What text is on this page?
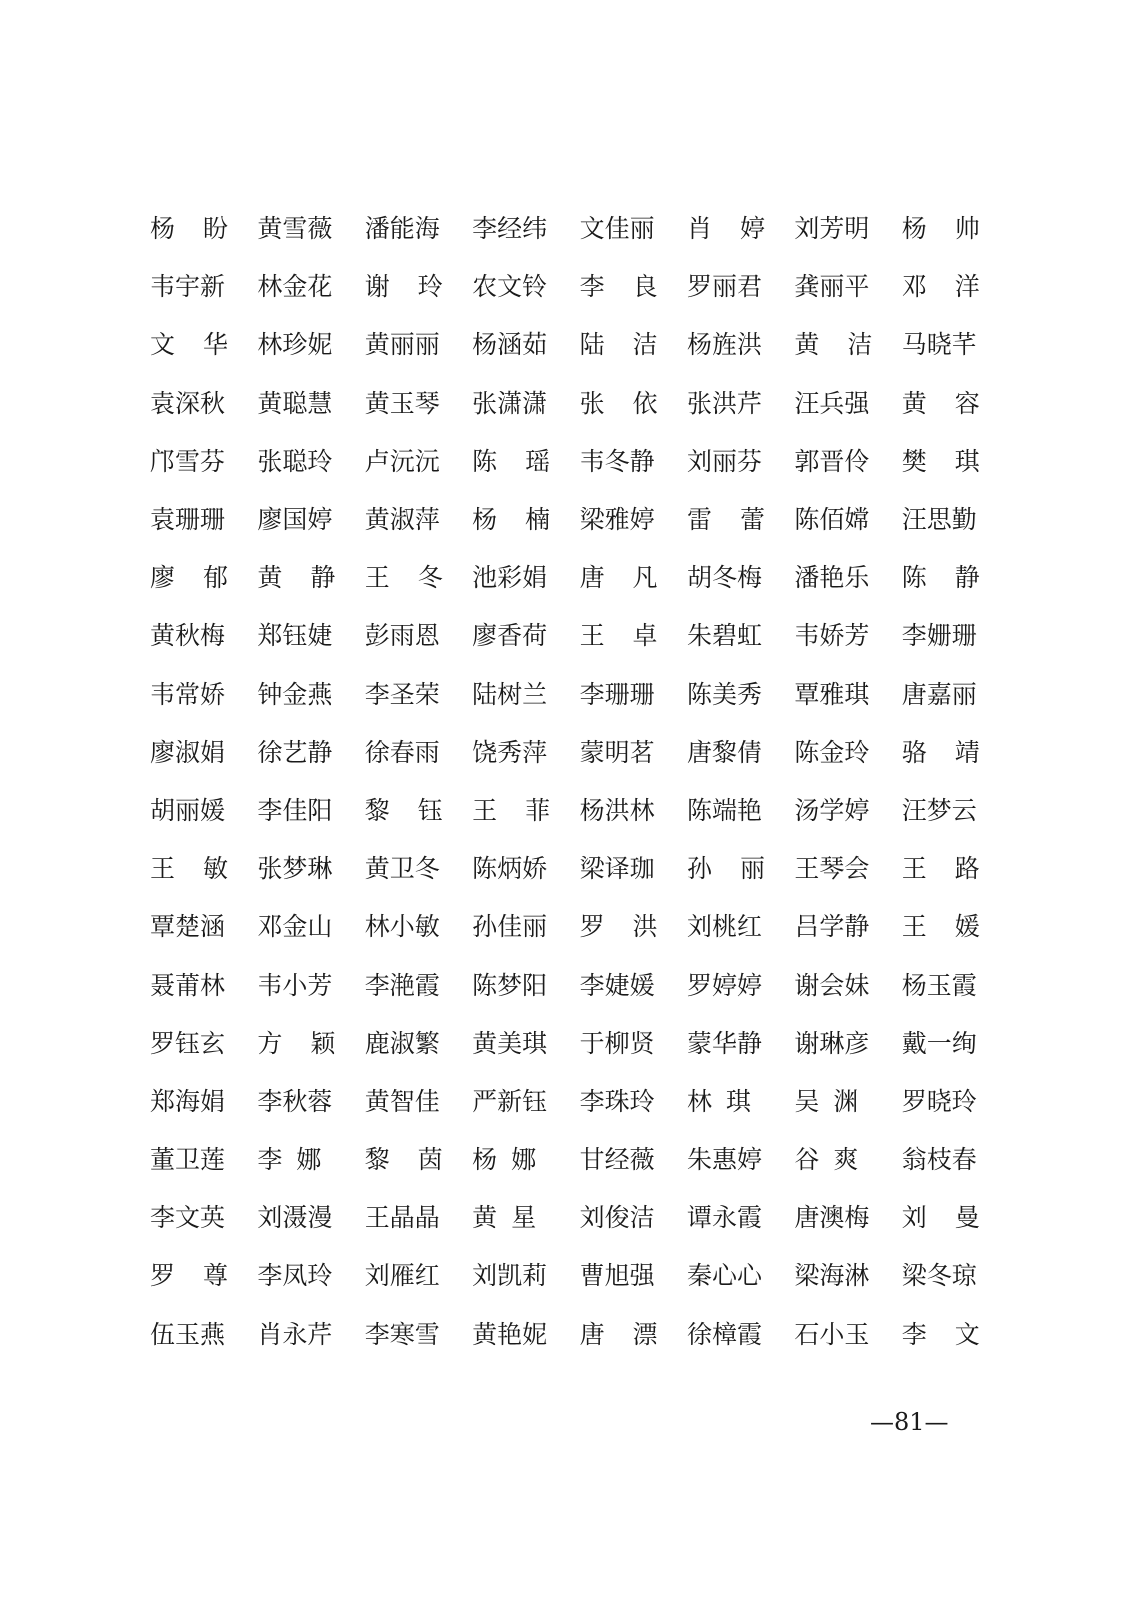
杨 盼 黄雪薇 潘能海 李经纬 文佳丽 肖 婷 刘芳明 杨 帅
韦宇新 林金花 谢 玲 农文铃 李 良 罗丽君 龚丽平 邓 洋
文 华 林珍妮 黄丽丽 杨涵茹 陆 洁 杨旌洪 黄 洁 马晓芊
袁深秋 黄聪慧 黄玉琴 张潇潇 张 依 张洪芹 汪兵强 黄 容
邝雪芬 张聪玲 卢沅沅 陈 瑶 韦冬静 刘丽芬 郭晋伶 樊 琪
袁珊珊 廖国婷 黄淑萍 杨 楠 梁雅婷 雷 蕾 陈佰嫦 汪思勤
廖 郁 黄 静 王 冬 池彩娟 唐 凡 胡冬梅 潘艳乐 陈 静
黄秋梅 郑钰婕 彭雨恩 廖香荷 王 卓 朱碧虹 韦娇芳 李姗珊
韦常娇 钟金燕 李圣荣 陆树兰 李珊珊 陈美秀 覃雅琪 唐嘉丽
廖淑娟 徐艺静 徐春雨 饶秀萍 蒙明茗 唐黎倩 陈金玲 骆 靖
胡丽媛 李佳阳 黎 钰 王 菲 杨洪林 陈端艳 汤学婷 汪梦云
王 敏 张梦琳 黄卫冬 陈炳娇 梁译珈 孙 丽 王琴会 王 路
覃楚涵 邓金山 林小敏 孙佳丽 罗 洪 刘桃红 吕学静 王 媛
聂莆林 韦小芳 李滟霞 陈梦阳 李婕媛 罗婷婷 谢会妹 杨玉霞
罗钰玄 方 颖 鹿淑繁 黄美琪 于柳贤 蒙华静 谢琳彦 戴一绚
郑海娟 李秋蓉 黄智佳 严新钰 李珠玲 林 琪 吴 渊 罗晓玲
董卫莲 李 娜 黎 茵 杨 娜 甘经薇 朱惠婷 谷 爽 翁枝春
李文英 刘滠漫 王晶晶 黄 星 刘俊洁 谭永霞 唐澳梅 刘 曼
罗 尊 李凤玲 刘雁红 刘凯莉 曹旭强 秦心心 梁海淋 梁冬琼
伍玉燕 肖永芹 李寒雪 黄艳妮 唐 漂 徐樟霞 石小玉 李 文
—81—
